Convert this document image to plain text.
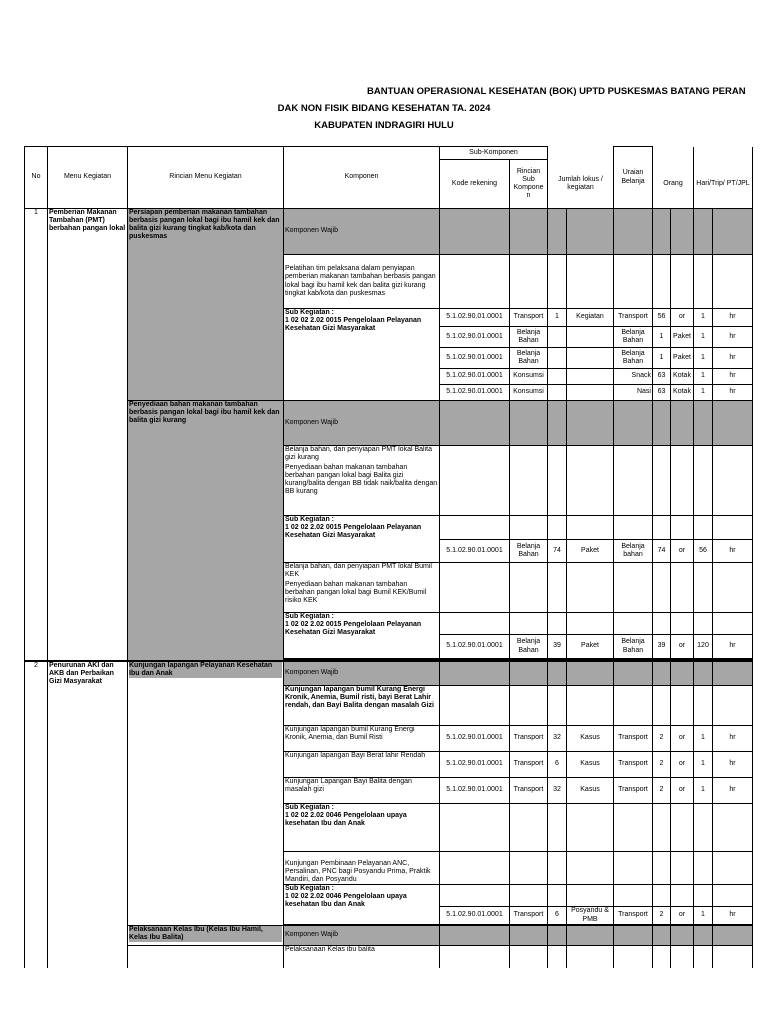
BANTUAN OPERASIONAL KESEHATAN (BOK) UPTD PUSKESMAS BATANG PERAN
DAK NON FISIK BIDANG KESEHATAN TA. 2024
KABUPATEN INDRAGIRI HULU
No	Menu Kegiatan	Rincian Menu Kegiatan	Komponen	Sub-Komponen				Uraian Belanja				
				Kode rekening	Rincian Sub Kompone n	Jumlah lokus / kegiatan			Orang		Hari/Trip/ PT/JPL	
1	Pemberian Makanan Tambahan (PMT) berbahan pangan lokal	Persiapan pemberian makanan tambahan berbasis pangan lokal bagi ibu hamil kek dan balita gizi kurang tingkat kab/kota dan puskesmas	Komponen Wajib									
			Pelatihan tim pelaksana dalam penyiapan pemberian makanan tambahan berbasis pangan lokal bagi ibu hamil kek dan balita gizi kurang tingkat kab/kota dan puskesmas									

			Sub Kegiatan :
1 02 02 2.02 0015 Pengelolaan Pelayanan Kesehatan Gizi Masyarakat	5.1.02.90.01.0001	Transport	1	Kegiatan	Transport	56	or	1	hr
				5.1.02.90.01.0001	Belanja Bahan			Belanja Bahan	1	Paket	1	hr
				5.1.02.90.01.0001	Belanja Bahan			Belanja Bahan	1	Paket	1	hr
				5.1.02.90.01.0001	Konsumsi			Snack	63	Kotak	1	hr
				5.1.02.90.01.0001	Konsumsi			Nasi	63	Kotak	1	hr

		Penyediaan bahan makanan tambahan berbasis pangan lokal bagi ibu hamil kek dan balita gizi kurang	Komponen Wajib									

			Belanja bahan, dan penyiapan PMT lokal Balita gizi kurang
Penyediaan bahan makanan tambahan berbahan pangan lokal bagi Balita gizi kurang/balita dengan BB tidak naik/balita dengan BB kurang									

			Sub Kegiatan :
1 02 02 2.02 0015 Pengelolaan Pelayanan Kesehatan Gizi Masyarakat									

				5.1.02.90.01.0001	Belanja Bahan	74	Paket	Belanja bahan	74	or	56	hr

			Belanja bahan, dan penyiapan PMT lokal Bumil KEK
Penyediaan bahan makanan tambahan berbahan pangan lokal bagi Bumil KEK/Bumil risiko KEK									

			Sub Kegiatan :
1 02 02 2.02 0015 Pengelolaan Pelayanan Kesehatan Gizi Masyarakat									

				5.1.02.90.01.0001	Belanja Bahan	39	Paket	Belanja Bahan	39	or	120	hr

2	Penurunan AKI dan AKB dan Perbaikan Gizi Masyarakat	Kunjungan lapangan Pelayanan Kesehatan Ibu dan Anak	Komponen Wajib									
			Kunjungan lapangan bumil Kurang Energi Kronik, Anemia, Bumil risti, bayi Berat Lahir rendah, dan Bayi Balita dengan masalah Gizi									
			Kunjungan lapangan bumil Kurang Energi Kronik, Anemia, dan Bumil Risti	5.1.02.90.01.0001	Transport	32	Kasus	Transport	2	or	1	hr
			Kunjungan lapangan Bayi Berat lahir Rendah	5.1.02.90.01.0001	Transport	6	Kasus	Transport	2	or	1	hr
			Kunjungan Lapangan Bayi Balita dengan masalah gizi	5.1.02.90.01.0001	Transport	32	Kasus	Transport	2	or	1	hr

			Sub Kegiatan :
1 02 02 2.02 0046 Pengelolaan upaya kesehatan Ibu dan Anak									

			Kunjungan Pembinaan Pelayanan ANC, Persalinan, PNC bagi Posyandu Prima, Praktik Mandiri, dan Posyandu									

			Sub Kegiatan :
1 02 02 2.02 0046 Pengelolaan upaya kesehatan Ibu dan Anak									

				5.1.02.90.01.0001	Transport	6	Posyandu & PMB	Transport	2	or	1	hr

		Pelaksanaan Kelas Ibu (Kelas Ibu Hamil, Kelas Ibu Balita)	Komponen Wajib									
			Pelaksanaan Kelas ibu balita									
